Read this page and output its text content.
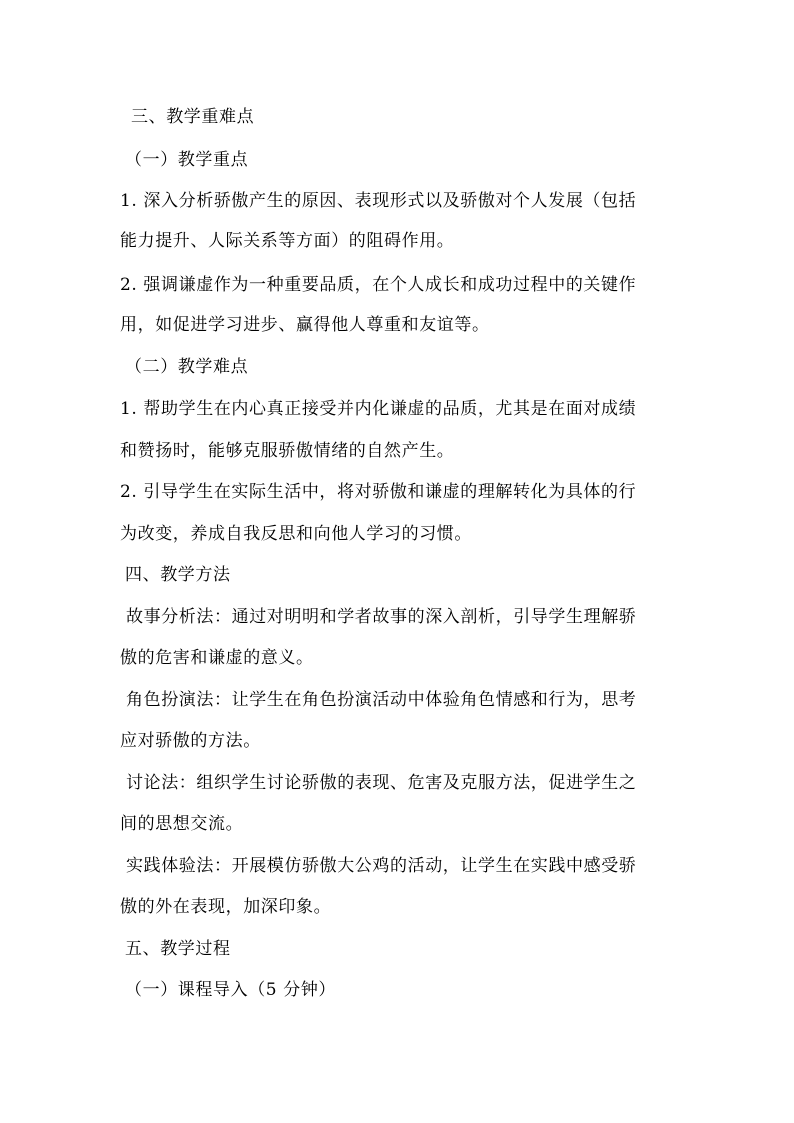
三、教学重难点
（一）教学重点
1. 深入分析骄傲产生的原因、表现形式以及骄傲对个人发展（包括
能力提升、人际关系等方面）的阻碍作用。
2. 强调谦虚作为一种重要品质，在个人成长和成功过程中的关键作
用，如促进学习进步、赢得他人尊重和友谊等。
（二）教学难点
1. 帮助学生在内心真正接受并内化谦虚的品质，尤其是在面对成绩
和赞扬时，能够克服骄傲情绪的自然产生。
2. 引导学生在实际生活中，将对骄傲和谦虚的理解转化为具体的行
为改变，养成自我反思和向他人学习的习惯。
四、教学方法
故事分析法：通过对明明和学者故事的深入剖析，引导学生理解骄
傲的危害和谦虚的意义。
角色扮演法：让学生在角色扮演活动中体验角色情感和行为，思考
应对骄傲的方法。
讨论法：组织学生讨论骄傲的表现、危害及克服方法，促进学生之
间的思想交流。
实践体验法：开展模仿骄傲大公鸡的活动，让学生在实践中感受骄
傲的外在表现，加深印象。
五、教学过程
（一）课程导入（5 分钟）
